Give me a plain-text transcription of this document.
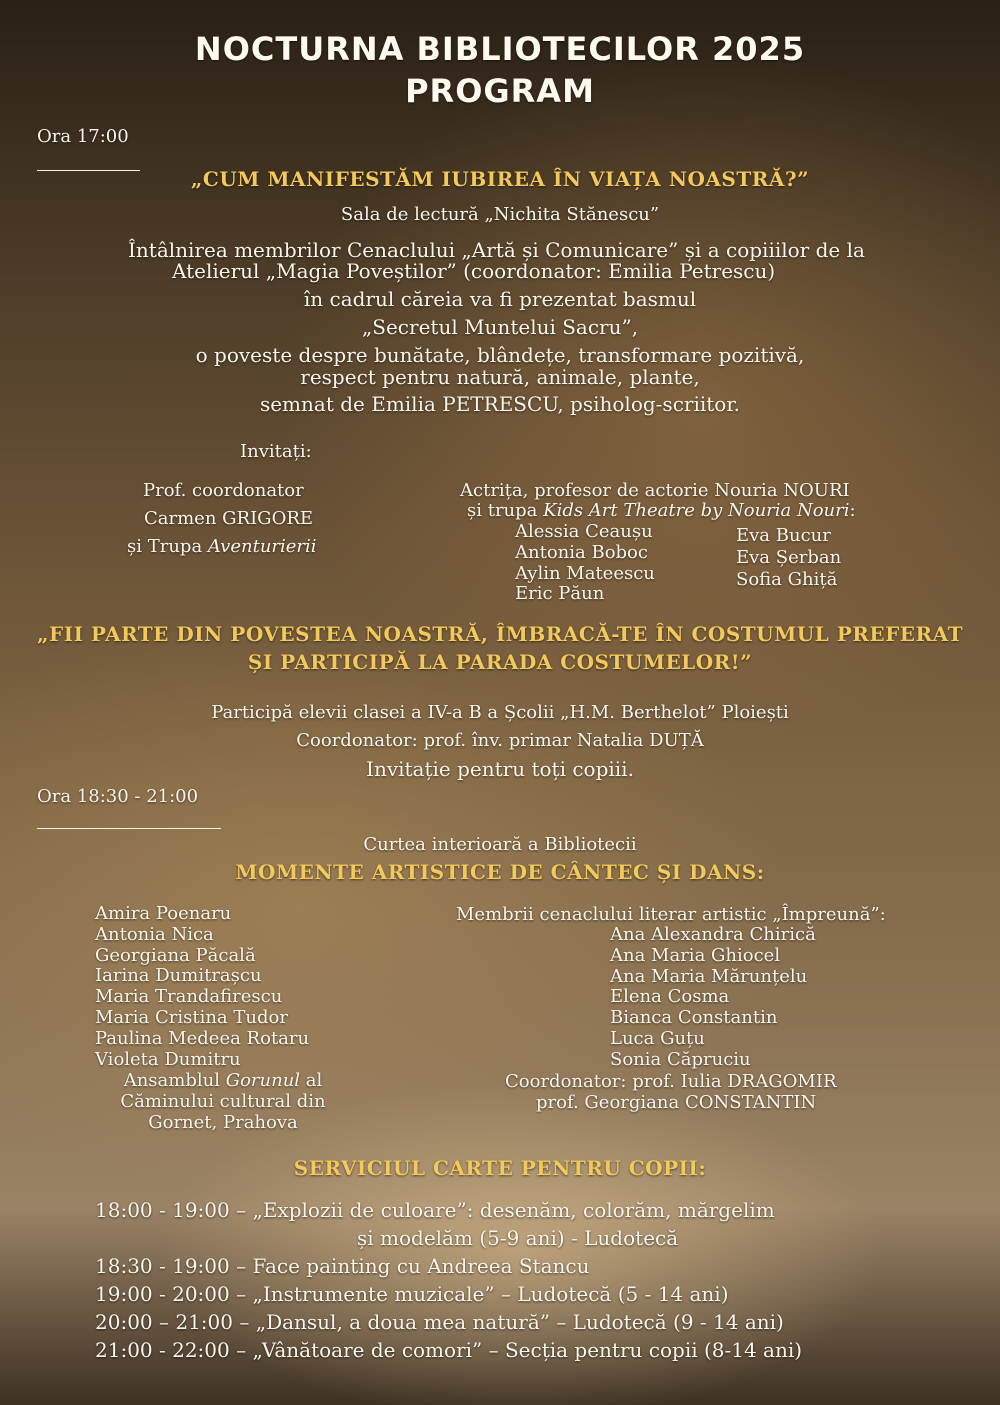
NOCTURNA BIBLIOTECILOR 2025
PROGRAM
Ora 17:00
„CUM MANIFESTĂM IUBIREA ÎN VIAȚA NOASTRĂ?”
Sala de lectură „Nichita Stănescu”
Întâlnirea membrilor Cenaclului „Artă și Comunicare” și a copiiilor de la
Atelierul „Magia Poveștilor” (coordonator: Emilia Petrescu)
în cadrul căreia va fi prezentat basmul
„Secretul Muntelui Sacru”,
o poveste despre bunătate, blândețe, transformare pozitivă,
respect pentru natură, animale, plante,
semnat de Emilia PETRESCU, psiholog-scriitor.
Invitați:
Prof. coordonator
Carmen GRIGORE
și Trupa Aventurierii
Actrița, profesor de actorie Nouria NOURI
și trupa Kids Art Theatre by Nouria Nouri:
Alessia Ceaușu
Antonia Boboc
Aylin Mateescu
Eric Păun
Eva Bucur
Eva Șerban
Sofia Ghiță
„FII PARTE DIN POVESTEA NOASTRĂ, ÎMBRACĂ-TE ÎN COSTUMUL PREFERAT
ȘI PARTICIPĂ LA PARADA COSTUMELOR!”
Participă elevii clasei a IV-a B a Școlii „H.M. Berthelot” Ploiești
Coordonator: prof. înv. primar Natalia DUȚĂ
Invitație pentru toți copiii.
Ora 18:30 - 21:00
Curtea interioară a Bibliotecii
MOMENTE ARTISTICE DE CÂNTEC ȘI DANS:
Amira Poenaru
Antonia Nica
Georgiana Păcală
Iarina Dumitrașcu
Maria Trandafirescu
Maria Cristina Tudor
Paulina Medeea Rotaru
Violeta Dumitru
Ansamblul Gorunul al
Căminului cultural din
Gornet, Prahova
Membrii cenaclului literar artistic „Împreună”:
Ana Alexandra Chirică
Ana Maria Ghiocel
Ana Maria Mărunțelu
Elena Cosma
Bianca Constantin
Luca Guțu
Sonia Căpruciu
Coordonator: prof. Iulia DRAGOMIR
prof. Georgiana CONSTANTIN
SERVICIUL CARTE PENTRU COPII:
18:00 - 19:00 – „Explozii de culoare”: desenăm, colorăm, mărgelim
și modelăm (5-9 ani) - Ludotecă
18:30 - 19:00 – Face painting cu Andreea Stancu
19:00 - 20:00 – „Instrumente muzicale” – Ludotecă (5 - 14 ani)
20:00 – 21:00 – „Dansul, a doua mea natură” – Ludotecă (9 - 14 ani)
21:00 - 22:00 – „Vânătoare de comori” – Secția pentru copii (8-14 ani)
